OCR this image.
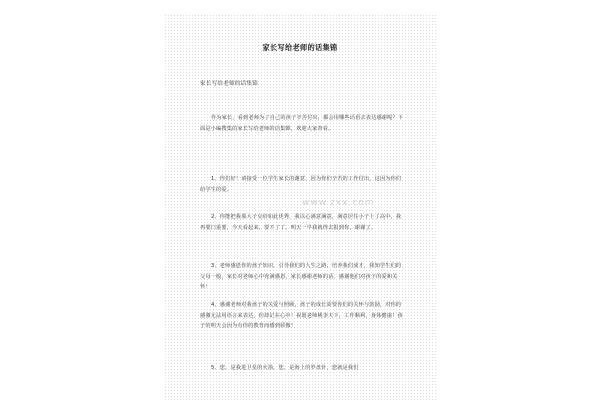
家长写给老师的话集锦
家长写给老师的话集锦
作为家长，看到老师为了自己的孩子辛苦付出，都会用哪些话语去表达感谢呢？下面是小编搜集的家长写给老师的话集锦，欢迎大家查看。
1、你们好！请接受一位学生家长的谢意，因为你们辛苦的工作付出，这因为你们给学生的爱。
2、你能把我那大子交给如此优秀，我以心满意满意，满意居住小子上了高中，我再要门重要，今天看起来，要不了了。明天一早我就得去报到你，谢谢了。
3、老师感恩你的孩子知识，引导我们的人生之路，培养我们成才，我知学生们的父母一般，家长对老师心中充满感恩，家长感谢老师的话，感谢他们对孩子的爱和关怀！
4、感谢老师对我孩子的关爱与照顾，孩子的成长需要你们的关怀与鼓励，对你的感激无法用语言来表达，但却记在心中！祝愿老师桃李天下，工作顺利，身体健康！孩子的明天会因为有你的教育而感到骄傲！
5、您，是我进卫星的火箭，您，是海上的罗盘针，您就是我们
www.zxx.com
